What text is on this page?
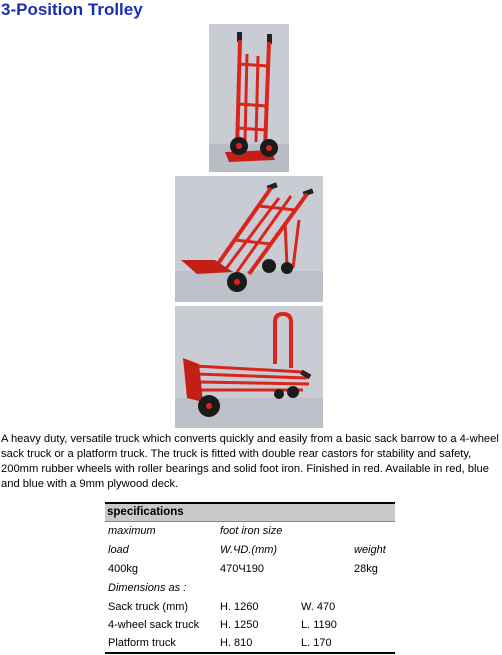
3-Position Trolley
A heavy duty, versatile truck which converts quickly and easily from a basic sack barrow to a 4-wheel sack truck or a platform truck. The truck is fitted with double rear castors for stability and safety, 200mm rubber wheels with roller bearings and solid foot iron. Finished in red. Available in red, blue and blue with a 9mm plywood deck.
specifications
maximum	foot iron size
load	W.ЧD.(mm)	weight
400kg	470Ч190	28kg
Dimensions as :
Sack truck (mm)	H. 1260	W. 470
4-wheel sack truck H. 1250	L. 1190
Platform truck	H. 810	L. 170
